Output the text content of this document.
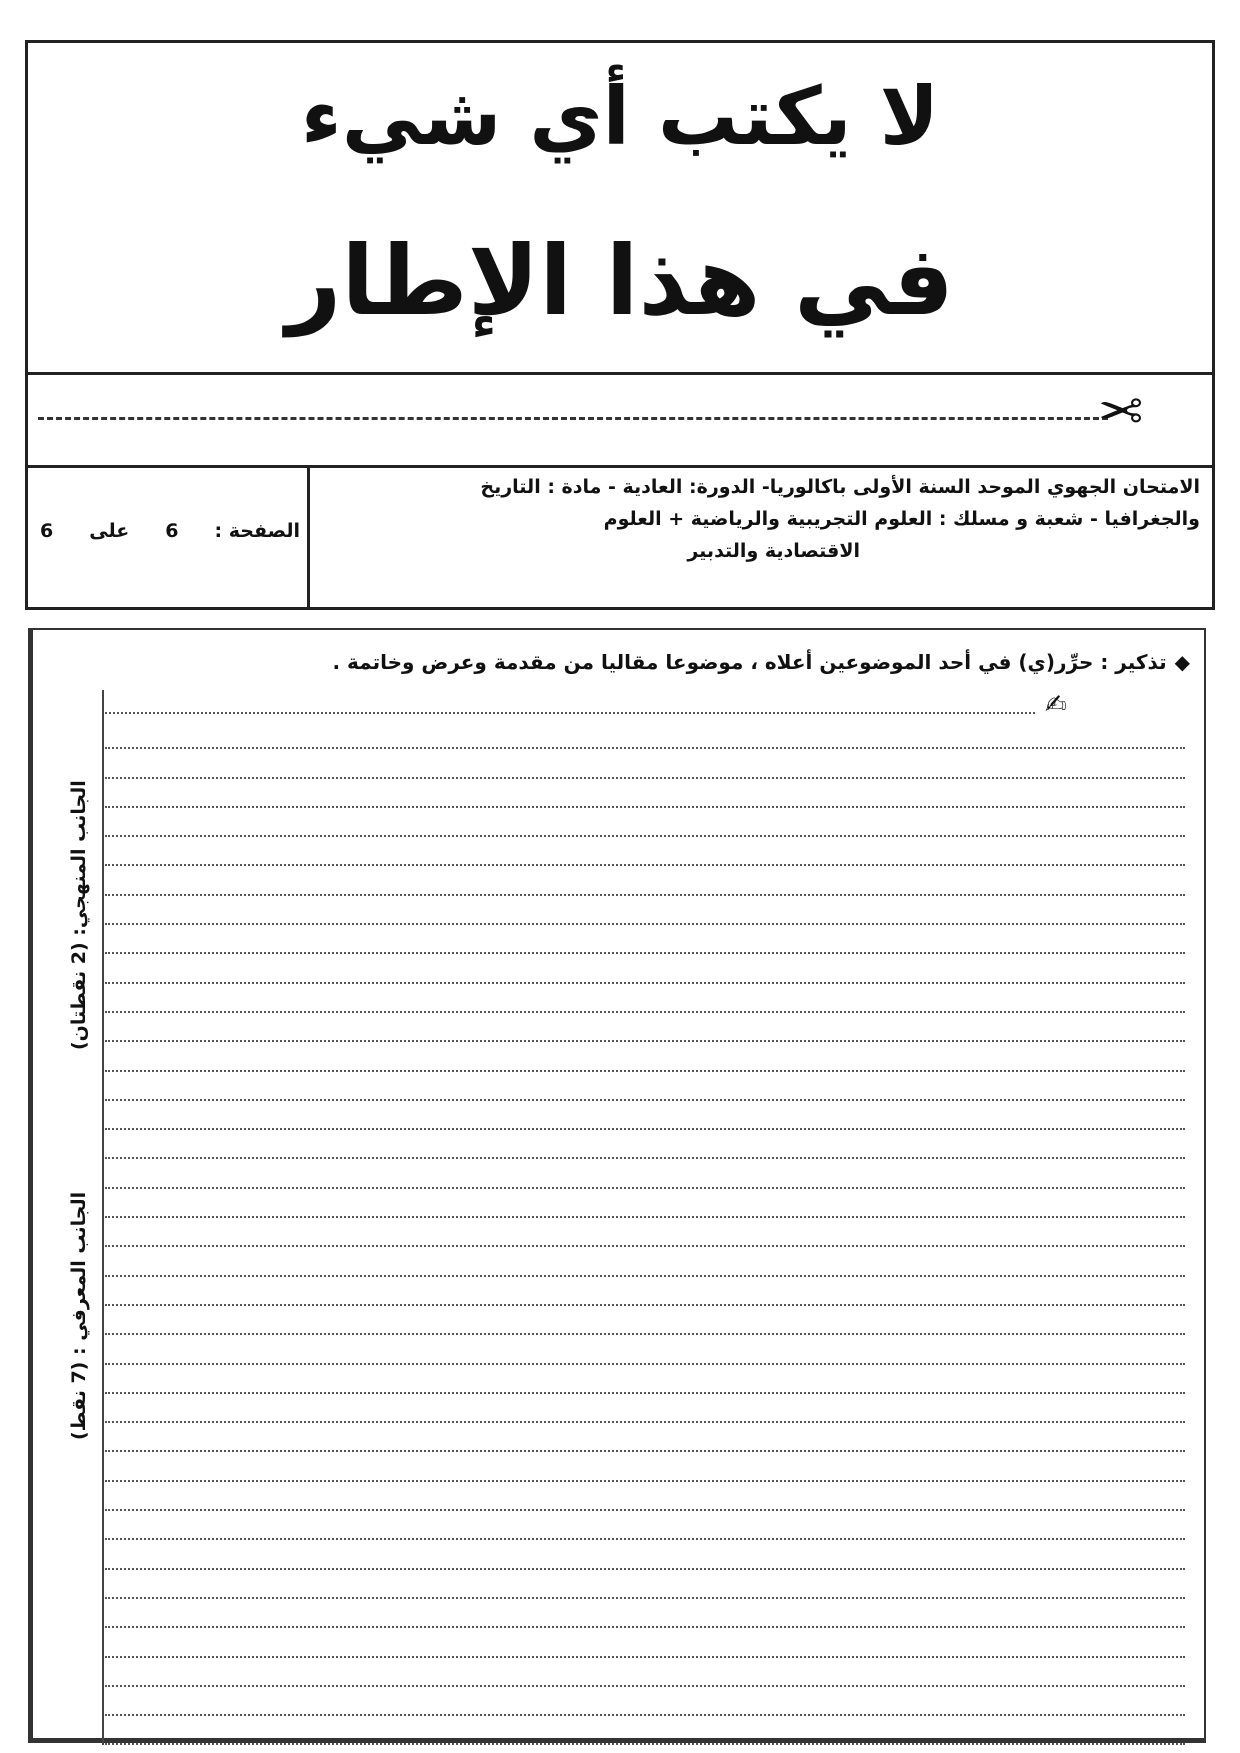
لا يكتب أي شيء
في هذا الإطار
✂
الصفحة :
6
على
6
الامتحان الجهوي الموحد السنة الأولى باكالوريا- الدورة: العادية - مادة : التاريخ
والجغرافيا - شعبة و مسلك : العلوم التجريبية والرياضية + العلوم
الاقتصادية والتدبير
◆تذكير : حرِّر(ي) في أحد الموضوعين أعلاه ، موضوعا مقاليا من مقدمة وعرض وخاتمة .
✍
الجانب المنهجي: (2 نقطتان)
الجانب المعرفي : (7 نقط)
